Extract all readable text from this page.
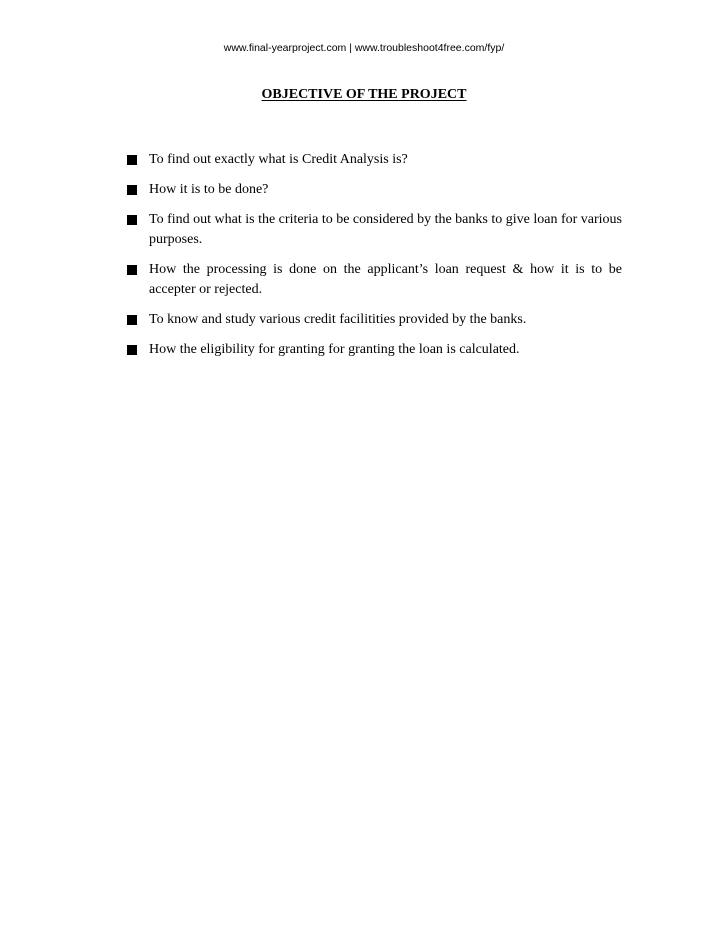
www.final-yearproject.com | www.troubleshoot4free.com/fyp/
OBJECTIVE OF THE PROJECT
To find out exactly what is Credit Analysis is?
How it is to be done?
To find out what is the criteria to be considered by the banks to give loan for various purposes.
How the processing is done on the applicant’s loan request & how it is to be accepter or rejected.
To know and study various credit facilitities provided by the banks.
How the eligibility for granting for granting the loan is calculated.
